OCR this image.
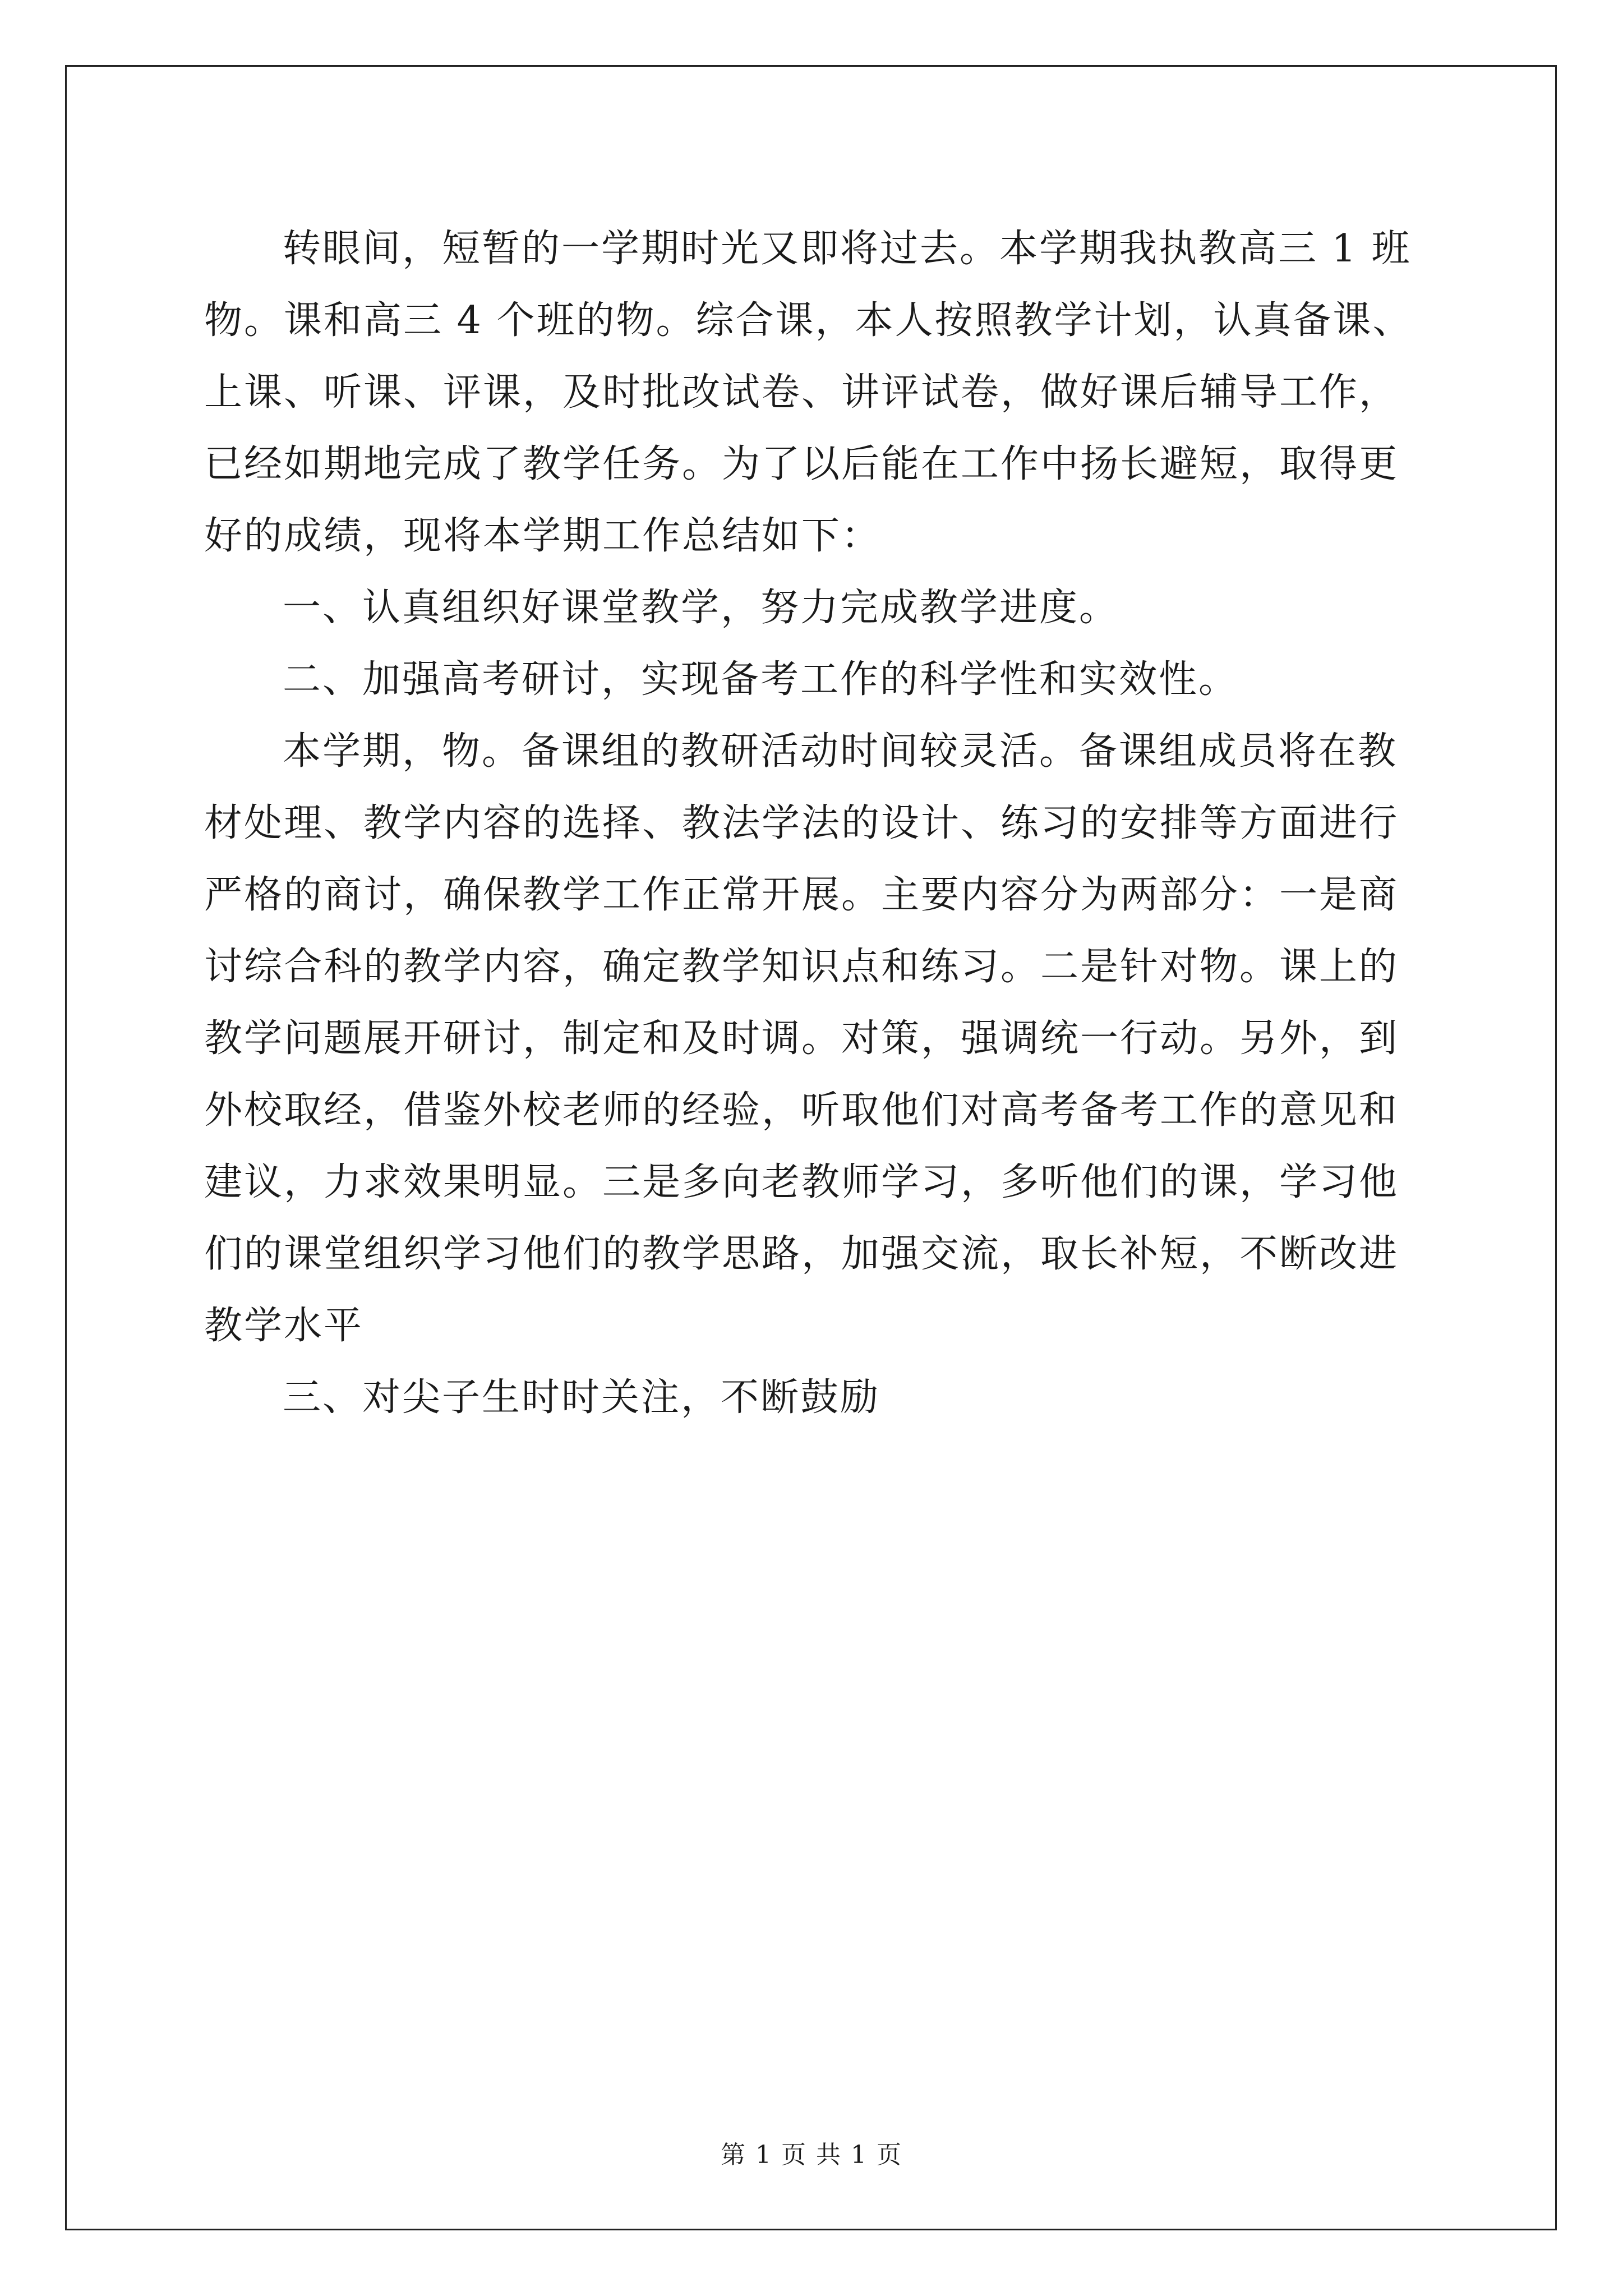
转眼间，短暂的一学期时光又即将过去。本学期我执教高三 1 班
物。课和高三 4 个班的物。综合课，本人按照教学计划，认真备课、
上课、听课、评课，及时批改试卷、讲评试卷，做好课后辅导工作，
已经如期地完成了教学任务。为了以后能在工作中扬长避短，取得更
好的成绩，现将本学期工作总结如下：
一、认真组织好课堂教学，努力完成教学进度。
二、加强高考研讨，实现备考工作的科学性和实效性。
本学期，物。备课组的教研活动时间较灵活。备课组成员将在教
材处理、教学内容的选择、教法学法的设计、练习的安排等方面进行
严格的商讨，确保教学工作正常开展。主要内容分为两部分：一是商
讨综合科的教学内容，确定教学知识点和练习。二是针对物。课上的
教学问题展开研讨，制定和及时调。对策，强调统一行动。另外，到
外校取经，借鉴外校老师的经验，听取他们对高考备考工作的意见和
建议，力求效果明显。三是多向老教师学习，多听他们的课，学习他
们的课堂组织学习他们的教学思路，加强交流，取长补短，不断改进
教学水平
三、对尖子生时时关注，不断鼓励
第 1 页 共 1 页
